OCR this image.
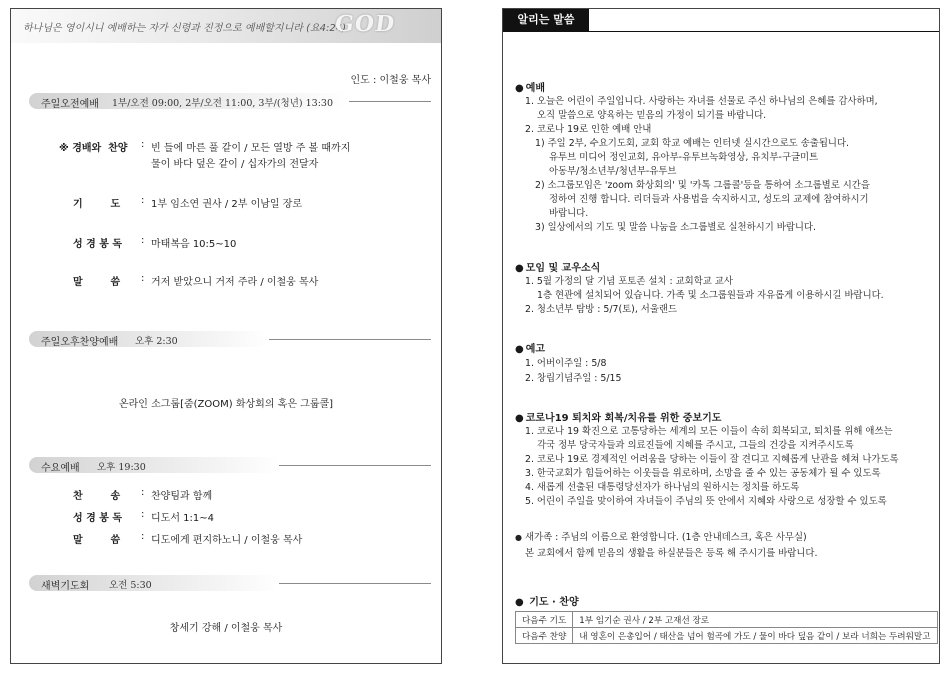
하나님은 영이시니 예배하는 자가 신령과 진정으로 예배할지니라 (요4:24)
GOD
인도 : 이철웅 목사
주일오전예배 1부/오전 09:00, 2부/오전 11:00, 3부/(청년) 13:30
※ 경배와  찬양 : 빈 들에 마른 풀 같이 / 모든 열방 주 볼 때까지
물이 바다 덮은 같이 / 십자가의 전달자
기        도 : 1부 임소연 권사 / 2부 이남일 장로
성 경 봉 독 : 마태복음 10:5~10
말        씀 : 거저 받았으니 거저 주라 / 이철웅 목사
주일오후찬양예배 오후 2:30
온라인 소그룹[줌(ZOOM) 화상회의 혹은 그룹콜]
수요예배 오후 19:30
찬        송 : 찬양팀과 함께
성 경 봉 독 : 디도서 1:1~4
말        씀 : 디도에게 편지하노니 / 이철웅 목사
새벽기도회 오전 5:30
창세기 강해 / 이철웅 목사
알리는 말씀
● 예배
1. 오늘은 어린이 주일입니다. 사랑하는 자녀를 선물로 주신 하나님의 은혜를 감사하며,
오직 말씀으로 양육하는 믿음의 가정이 되기를 바랍니다.
2. 코로나 19로 인한 예배 안내
1) 주일 2부, 수요기도회, 교회 학교 예배는 인터넷 실시간으로도 송출됩니다.
유투브 미디어 정인교회, 유아부-유투브녹화영상, 유치부-구글미트
아동부/청소년부/청년부-유투브
2) 소그룹모임은 'zoom 화상회의' 및 '카톡 그룹콜'등을 통하여 소그룹별로 시간을
정하여 진행 합니다. 리더들과 사용법을 숙지하시고, 성도의 교제에 참여하시기
바랍니다.
3) 일상에서의 기도 및 말씀 나눔을 소그룹별로 실천하시기 바랍니다.
● 모임 및 교우소식
1. 5월 가정의 달 기념 포토존 설치 : 교회학교 교사
1층 현관에 설치되어 있습니다. 가족 및 소그룹원들과 자유롭게 이용하시길 바랍니다.
2. 청소년부 탐방 : 5/7(토), 서울랜드
● 예고
1. 어버이주일 : 5/8
2. 창립기념주일 : 5/15
● 코로나19 퇴치와 회복/치유를 위한 중보기도
1. 코로나 19 확진으로 고통당하는 세계의 모든 이들이 속히 회복되고, 퇴치를 위해 애쓰는
각국 정부 당국자들과 의료진들에 지혜를 주시고, 그들의 건강을 지켜주시도록
2. 코로나 19로 경제적인 어려움을 당하는 이들이 잘 견디고 지혜롭게 난관을 헤쳐 나가도록
3. 한국교회가 힘들어하는 이웃들을 위로하며, 소망을 줄 수 있는 공동체가 될 수 있도록
4. 새롭게 선출된 대통령당선자가 하나님의 원하시는 정치를 하도록
5. 어린이 주일을 맞이하여 자녀들이 주님의 뜻 안에서 지혜와 사랑으로 성장할 수 있도록
● 새가족 : 주님의 이름으로 환영합니다. (1층 안내데스크, 혹은 사무실)
본 교회에서 함께 믿음의 생활을 하실분들은 등록 해 주시기를 바랍니다.
● 기도 · 찬양
다음주 기도	1부 임기순 권사 / 2부 고재선 장로
다음주 찬양	내 영혼이 은총입어 / 태산을 넘어 험곡에 가도 / 물이 바다 덮음 같이 / 보라 너희는 두려워말고
